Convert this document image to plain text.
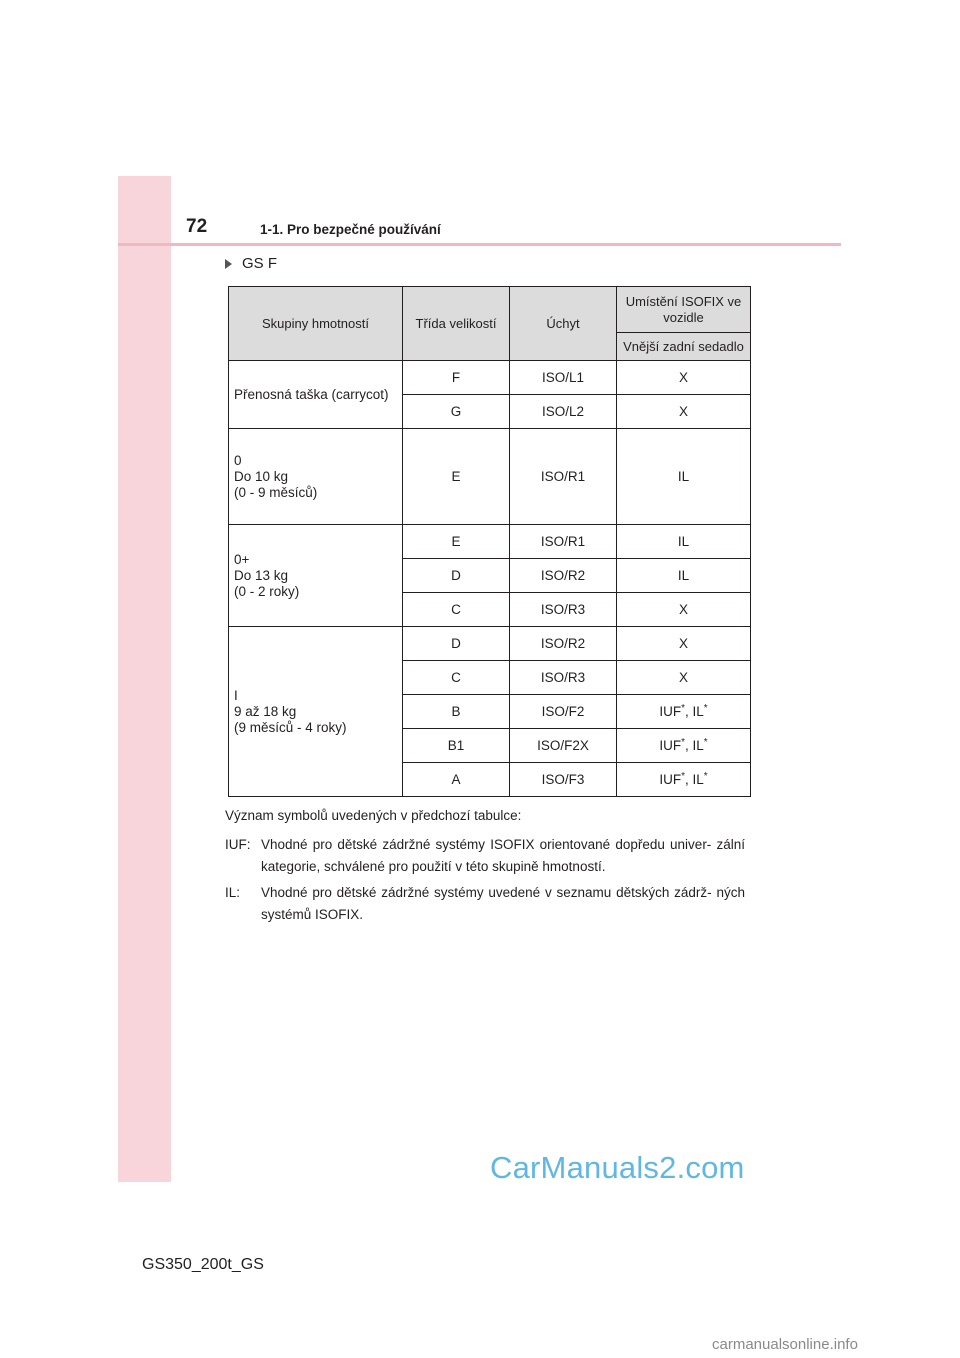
72	1-1. Pro bezpečné používání
GS F
Skupiny hmotností	Třída velikostí	Úchyt	Umístění ISOFIX ve vozidle
			Vnější zadní sedadlo

Přenosná taška (carrycot)	F	ISO/L1	X
	G	ISO/L2	X

0
Do 10 kg
(0 - 9 měsíců)	E	ISO/R1	IL

0+
Do 13 kg
(0 - 2 roky)	E	ISO/R1	IL
	D	ISO/R2	IL
	C	ISO/R3	X

I
9 až 18 kg
(9 měsíců - 4 roky)	D	ISO/R2	X
	C	ISO/R3	X
	B	ISO/F2	IUF*, IL*
	B1	ISO/F2X	IUF*, IL*
	A	ISO/F3	IUF*, IL*
Význam symbolů uvedených v předchozí tabulce:
IUF: Vhodné pro dětské zádržné systémy ISOFIX orientované dopředu univer- zální kategorie, schválené pro použití v této skupině hmotností.
IL: Vhodné pro dětské zádržné systémy uvedené v seznamu dětských zádrž- ných systémů ISOFIX.
CarManuals2.com
GS350_200t_GS
carmanualsonline.info
